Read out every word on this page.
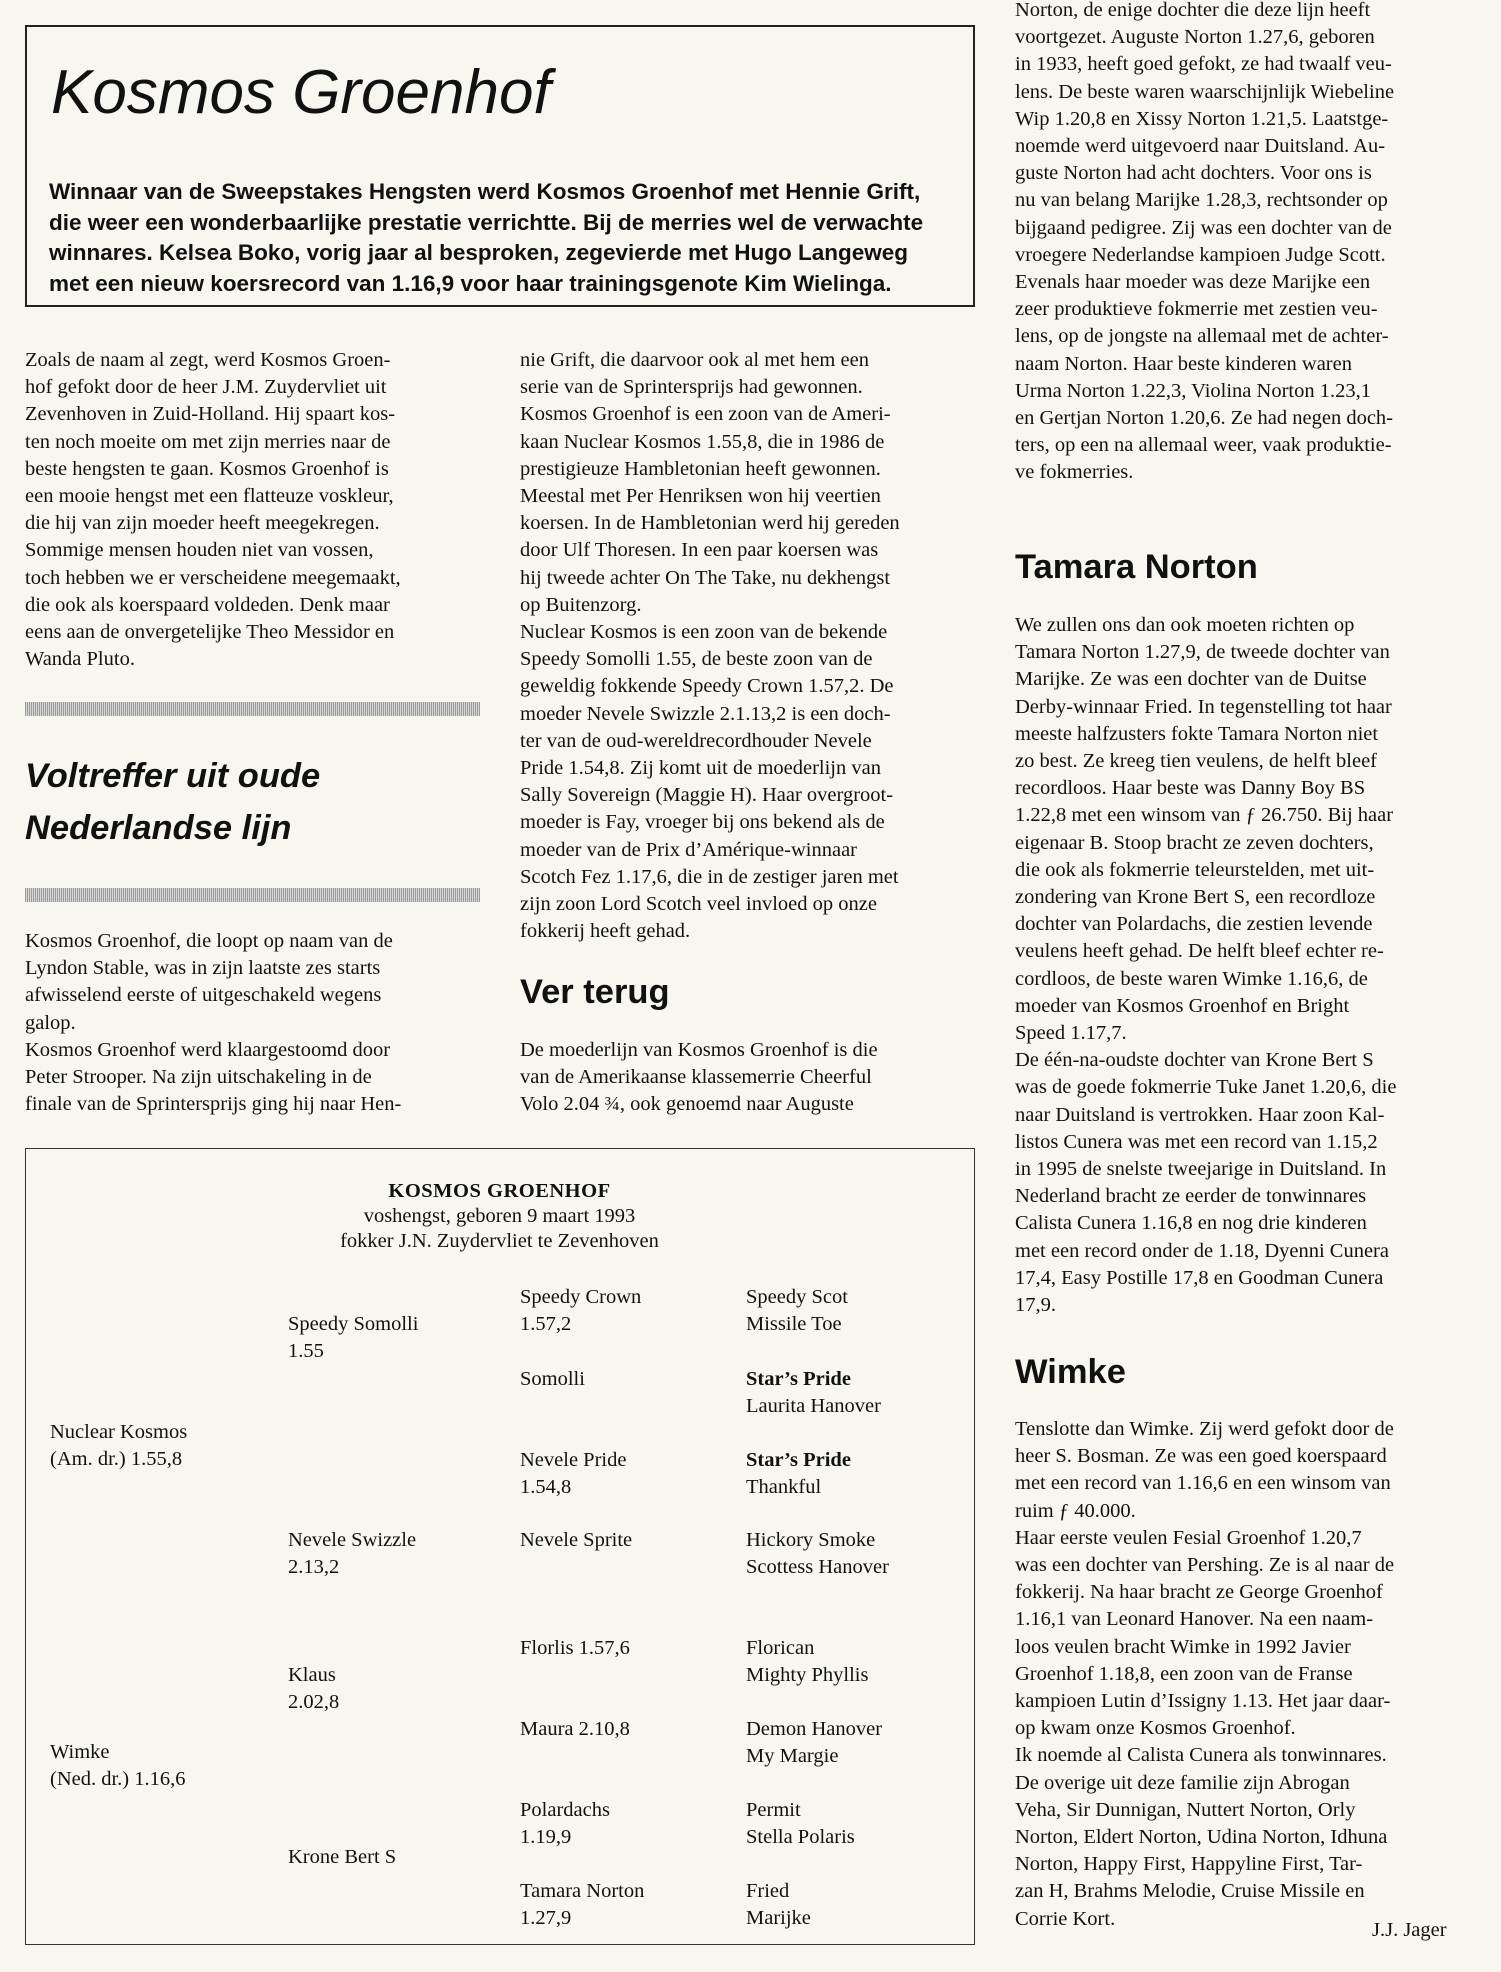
Kosmos Groenhof

Winnaar van de Sweepstakes Hengsten werd Kosmos Groenhof met Hennie Grift,
die weer een wonderbaarlijke prestatie verrichtte. Bij de merries wel de verwachte
winnares. Kelsea Boko, vorig jaar al besproken, zegevierde met Hugo Langeweg
met een nieuw koersrecord van 1.16,9 voor haar trainingsgenote Kim Wielinga.

Zoals de naam al zegt, werd Kosmos Groen-
hof gefokt door de heer J.M. Zuydervliet uit
Zevenhoven in Zuid-Holland. Hij spaart kos-
ten noch moeite om met zijn merries naar de
beste hengsten te gaan. Kosmos Groenhof is
een mooie hengst met een flatteuze voskleur,
die hij van zijn moeder heeft meegekregen.
Sommige mensen houden niet van vossen,
toch hebben we er verscheidene meegemaakt,
die ook als koerspaard voldeden. Denk maar
eens aan de onvergetelijke Theo Messidor en
Wanda Pluto.

Voltreffer uit oude
Nederlandse lijn

Kosmos Groenhof, die loopt op naam van de
Lyndon Stable, was in zijn laatste zes starts
afwisselend eerste of uitgeschakeld wegens
galop.
Kosmos Groenhof werd klaargestoomd door
Peter Strooper. Na zijn uitschakeling in de
finale van de Sprintersprijs ging hij naar Hen-

nie Grift, die daarvoor ook al met hem een
serie van de Sprintersprijs had gewonnen.
Kosmos Groenhof is een zoon van de Ameri-
kaan Nuclear Kosmos 1.55,8, die in 1986 de
prestigieuze Hambletonian heeft gewonnen.
Meestal met Per Henriksen won hij veertien
koersen. In de Hambletonian werd hij gereden
door Ulf Thoresen. In een paar koersen was
hij tweede achter On The Take, nu dekhengst
op Buitenzorg.
Nuclear Kosmos is een zoon van de bekende
Speedy Somolli 1.55, de beste zoon van de
geweldig fokkende Speedy Crown 1.57,2. De
moeder Nevele Swizzle 2.1.13,2 is een doch-
ter van de oud-wereldrecordhouder Nevele
Pride 1.54,8. Zij komt uit de moederlijn van
Sally Sovereign (Maggie H). Haar overgroot-
moeder is Fay, vroeger bij ons bekend als de
moeder van de Prix d’Amérique-winnaar
Scotch Fez 1.17,6, die in de zestiger jaren met
zijn zoon Lord Scotch veel invloed op onze
fokkerij heeft gehad.

Ver terug

De moederlijn van Kosmos Groenhof is die
van de Amerikaanse klassemerrie Cheerful
Volo 2.04 ¾, ook genoemd naar Auguste

Norton, de enige dochter die deze lijn heeft
voortgezet. Auguste Norton 1.27,6, geboren
in 1933, heeft goed gefokt, ze had twaalf veu-
lens. De beste waren waarschijnlijk Wiebeline
Wip 1.20,8 en Xissy Norton 1.21,5. Laatstge-
noemde werd uitgevoerd naar Duitsland. Au-
guste Norton had acht dochters. Voor ons is
nu van belang Marijke 1.28,3, rechtsonder op
bijgaand pedigree. Zij was een dochter van de
vroegere Nederlandse kampioen Judge Scott.
Evenals haar moeder was deze Marijke een
zeer produktieve fokmerrie met zestien veu-
lens, op de jongste na allemaal met de achter-
naam Norton. Haar beste kinderen waren
Urma Norton 1.22,3, Violina Norton 1.23,1
en Gertjan Norton 1.20,6. Ze had negen doch-
ters, op een na allemaal weer, vaak produktie-
ve fokmerries.

Tamara Norton

We zullen ons dan ook moeten richten op
Tamara Norton 1.27,9, de tweede dochter van
Marijke. Ze was een dochter van de Duitse
Derby-winnaar Fried. In tegenstelling tot haar
meeste halfzusters fokte Tamara Norton niet
zo best. Ze kreeg tien veulens, de helft bleef
recordloos. Haar beste was Danny Boy BS
1.22,8 met een winsom van ƒ 26.750. Bij haar
eigenaar B. Stoop bracht ze zeven dochters,
die ook als fokmerrie teleurstelden, met uit-
zondering van Krone Bert S, een recordloze
dochter van Polardachs, die zestien levende
veulens heeft gehad. De helft bleef echter re-
cordloos, de beste waren Wimke 1.16,6, de
moeder van Kosmos Groenhof en Bright
Speed 1.17,7.
De één-na-oudste dochter van Krone Bert S
was de goede fokmerrie Tuke Janet 1.20,6, die
naar Duitsland is vertrokken. Haar zoon Kal-
listos Cunera was met een record van 1.15,2
in 1995 de snelste tweejarige in Duitsland. In
Nederland bracht ze eerder de tonwinnares
Calista Cunera 1.16,8 en nog drie kinderen
met een record onder de 1.18, Dyenni Cunera
17,4, Easy Postille 17,8 en Goodman Cunera
17,9.

Wimke

Tenslotte dan Wimke. Zij werd gefokt door de
heer S. Bosman. Ze was een goed koerspaard
met een record van 1.16,6 en een winsom van
ruim ƒ 40.000.
Haar eerste veulen Fesial Groenhof 1.20,7
was een dochter van Pershing. Ze is al naar de
fokkerij. Na haar bracht ze George Groenhof
1.16,1 van Leonard Hanover. Na een naam-
loos veulen bracht Wimke in 1992 Javier
Groenhof 1.18,8, een zoon van de Franse
kampioen Lutin d’Issigny 1.13. Het jaar daar-
op kwam onze Kosmos Groenhof.
Ik noemde al Calista Cunera als tonwinnares.
De overige uit deze familie zijn Abrogan
Veha, Sir Dunnigan, Nuttert Norton, Orly
Norton, Eldert Norton, Udina Norton, Idhuna
Norton, Happy First, Happyline First, Tar-
zan H, Brahms Melodie, Cruise Missile en
Corrie Kort.

J.J. Jager

KOSMOS GROENHOF

voshengst, geboren 9 maart 1993

fokker J.N. Zuydervliet te Zevenhoven

Nuclear Kosmos
(Am. dr.) 1.55,8

Wimke
(Ned. dr.) 1.16,6

Speedy Somolli
1.55

Nevele Swizzle
2.13,2

Klaus
2.02,8

Krone Bert S

Speedy Crown
1.57,2

Somolli

Nevele Pride
1.54,8

Nevele Sprite

Florlis 1.57,6

Maura 2.10,8

Polardachs
1.19,9

Tamara Norton
1.27,9

Speedy Scot

Missile Toe

Star’s Pride

Laurita Hanover

Star’s Pride

Thankful

Hickory Smoke

Scottess Hanover

Florican

Mighty Phyllis

Demon Hanover

My Margie

Permit

Stella Polaris

Fried

Marijke
